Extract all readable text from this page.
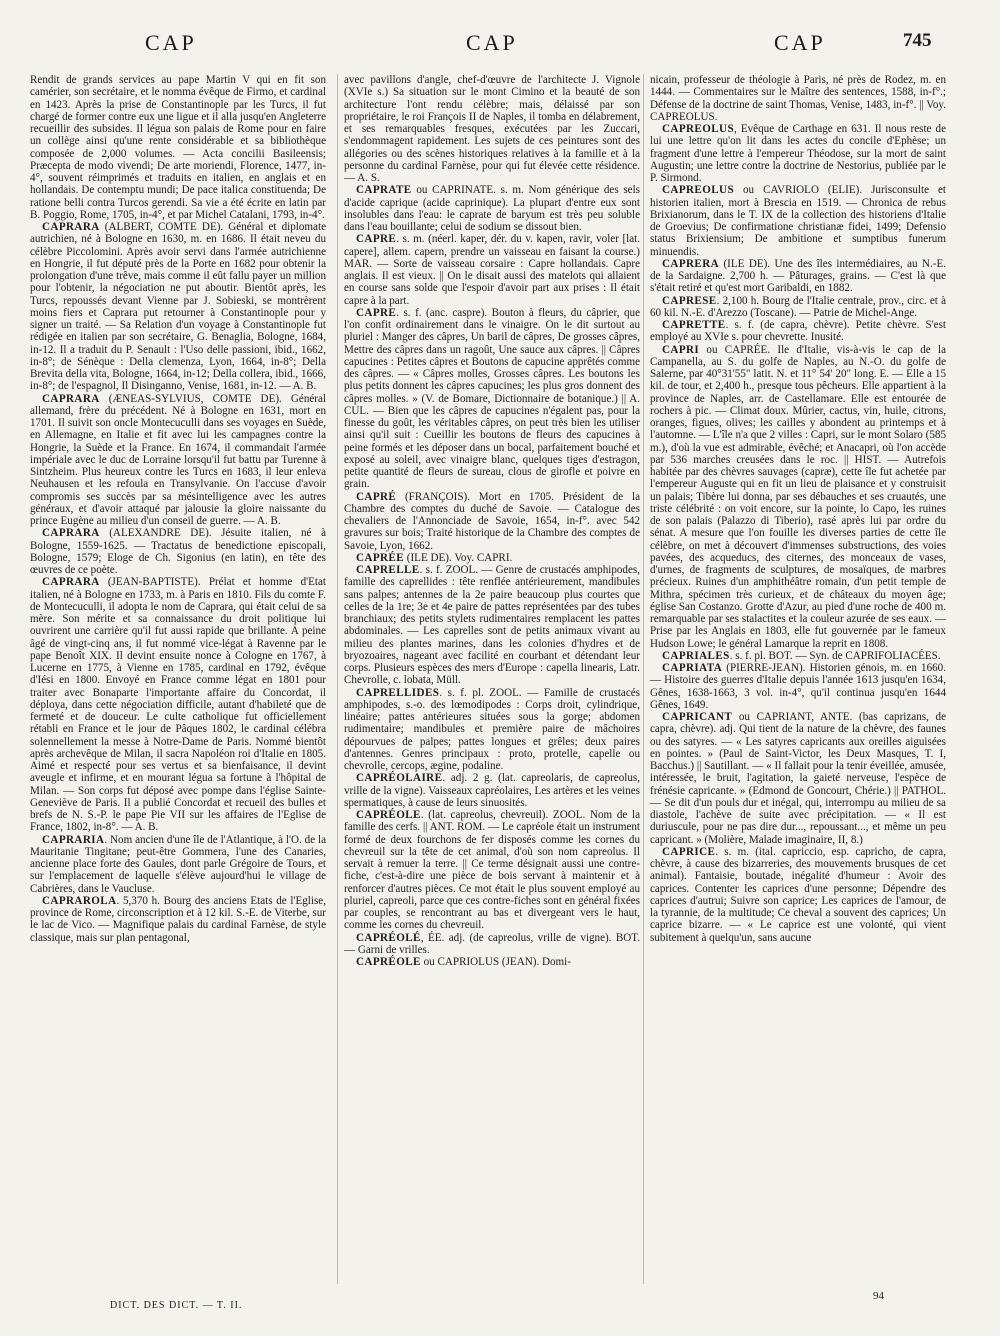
CAP	CAP	CAP	745

Rendit de grands services au pape Martin V qui en fit son camérier, son secrétaire, et le nomma évêque de Firmo, et cardinal en 1423. Après la prise de Constantinople par les Turcs, il fut chargé de former contre eux une ligue et il alla jusqu'en Angleterre recueillir des subsides. Il légua son palais de Rome pour en faire un collège ainsi qu'une rente considérable et sa bibliothèque composée de 2,000 volumes. — Acta concilii Basileensis; Præcepta de modo vivendi; De arte moriendi, Florence, 1477, in-4°, souvent réimprimés et traduits en italien, en anglais et en hollandais. De contemptu mundi; De pace italica constituenda; De ratione belli contra Turcos gerendi. Sa vie a été écrite en latin par B. Poggio, Rome, 1705, in-4°, et par Michel Catalani, 1793, in-4°.

CAPRARA (ALBERT, COMTE DE). Général et diplomate autrichien, né à Bologne en 1630, m. en 1686. Il était neveu du célèbre Piccolomini. Après avoir servi dans l'armée autrichienne en Hongrie, il fut député près de la Porte en 1682 pour obtenir la prolongation d'une trêve, mais comme il eût fallu payer un million pour l'obtenir, la négociation ne put aboutir. Bientôt après, les Turcs, repoussés devant Vienne par J. Sobieski, se montrèrent moins fiers et Caprara put retourner à Constantinople pour y signer un traité. — Sa Relation d'un voyage à Constantinople fut rédigée en italien par son secrétaire, G. Benaglia, Bologne, 1684, in-12. Il a traduit du P. Senault : l'Uso delle passioni, ibid., 1662, in-8°; de Sénèque : Della clemenza, Lyon, 1664, in-8°; Della Brevita della vita, Bologne, 1664, in-12; Della collera, ibid., 1666, in-8°; de l'espagnol, Il Disinganno, Venise, 1681, in-12. — A. B.

CAPRARA (ÆNEAS-SYLVIUS, COMTE DE). Général allemand, frère du précédent. Né à Bologne en 1631, mort en 1701. Il suivit son oncle Montecuculli dans ses voyages en Suède, en Allemagne, en Italie et fit avec lui les campagnes contre la Hongrie, la Suède et la France. En 1674, il commandait l'armée impériale avec le duc de Lorraine lorsqu'il fut battu par Turenne à Sintzheim. Plus heureux contre les Turcs en 1683, il leur enleva Neuhausen et les refoula en Transylvanie. On l'accuse d'avoir compromis ses succès par sa mésintelligence avec les autres généraux, et d'avoir attaqué par jalousie la gloire naissante du prince Eugène au milieu d'un conseil de guerre. — A. B.

CAPRARA (ALEXANDRE DE). Jésuite italien, né à Bologne, 1559-1625. — Tractatus de benedictione episcopali, Bologne, 1579; Eloge de Ch. Sigonius (en latin), en tête des œuvres de ce poète.

CAPRARA (JEAN-BAPTISTE). Prélat et homme d'Etat italien, né à Bologne en 1733, m. à Paris en 1810. Fils du comte F. de Montecuculli, il adopta le nom de Caprara, qui était celui de sa mère. Son mérite et sa connaissance du droit politique lui ouvrirent une carrière qu'il fut aussi rapide que brillante. A peine âgé de vingt-cinq ans, il fut nommé vice-légat à Ravenne par le pape Benoît XIX. Il devint ensuite nonce à Cologne en 1767, à Lucerne en 1775, à Vienne en 1785, cardinal en 1792, évêque d'Iési en 1800. Envoyé en France comme légat en 1801 pour traiter avec Bonaparte l'importante affaire du Concordat, il déploya, dans cette négociation difficile, autant d'habileté que de fermeté et de douceur. Le culte catholique fut officiellement rétabli en France et le jour de Pâques 1802, le cardinal célébra solennellement la messe à Notre-Dame de Paris. Nommé bientôt après archevêque de Milan, il sacra Napoléon roi d'Italie en 1805. Aimé et respecté pour ses vertus et sa bienfaisance, il devint aveugle et infirme, et en mourant légua sa fortune à l'hôpital de Milan. — Son corps fut déposé avec pompe dans l'église Sainte-Geneviève de Paris. Il a publié Concordat et recueil des bulles et brefs de N. S.-P. le pape Pie VII sur les affaires de l'Eglise de France, 1802, in-8°. — A. B.

CAPRARIA. Nom ancien d'une île de l'Atlantique, à l'O. de la Mauritanie Tingitane; peut-être Gommera, l'une des Canaries, ancienne place forte des Gaules, dont parle Grégoire de Tours, et sur l'emplacement de laquelle s'élève aujourd'hui le village de Cabrières, dans le Vaucluse.

CAPRAROLA. 5,370 h. Bourg des anciens Etats de l'Eglise, province de Rome, circonscription et à 12 kil. S.-E. de Viterbe, sur le lac de Vico. — Magnifique palais du cardinal Farnèse, de style classique, mais sur plan pentagonal,

avec pavillons d'angle, chef-d'œuvre de l'architecte J. Vignole (XVIe s.) Sa situation sur le mont Cimino et la beauté de son architecture l'ont rendu célèbre; mais, délaissé par son propriétaire, le roi François II de Naples, il tomba en délabrement, et ses remarquables fresques, exécutées par les Zuccari, s'endommagent rapidement. Les sujets de ces peintures sont des allégories ou des scènes historiques relatives à la famille et à la personne du cardinal Farnèse, pour qui fut élevée cette résidence. — A. S.

CAPRATE ou CAPRINATE. s. m. Nom générique des sels d'acide caprique (acide caprinique). La plupart d'entre eux sont insolubles dans l'eau: le caprate de baryum est très peu soluble dans l'eau bouillante; celui de sodium se dissout bien.

CAPRE. s. m. (néerl. kaper, dér. du v. kapen, ravir, voler [lat. capere], allem. capern, prendre un vaisseau en faisant la course.) MAR. — Sorte de vaisseau corsaire : Capre hollandais. Capre anglais. Il est vieux. || On le disait aussi des matelots qui allaient en course sans solde que l'espoir d'avoir part aux prises : Il était capre à la part.

CAPRE. s. f. (anc. caspre). Bouton à fleurs, du câprier, que l'on confit ordinairement dans le vinaigre. On le dit surtout au pluriel : Manger des câpres, Un baril de câpres, De grosses câpres, Mettre des câpres dans un ragoût, Une sauce aux câpres. || Câpres capucines : Petites câpres et Boutons de capucine apprêtés comme des câpres. — « Câpres molles, Grosses câpres. Les boutons les plus petits donnent les câpres capucines; les plus gros donnent des câpres molles. » (V. de Bomare, Dictionnaire de botanique.) || A. CUL. — Bien que les câpres de capucines n'égalent pas, pour la finesse du goût, les véritables câpres, on peut très bien les utiliser ainsi qu'il suit : Cueillir les boutons de fleurs des capucines à peine formés et les déposer dans un bocal, parfaitement bouché et exposé au soleil, avec vinaigre blanc, quelques tiges d'estragon, petite quantité de fleurs de sureau, clous de girofle et poivre en grain.

CAPRÉ (FRANÇOIS). Mort en 1705. Président de la Chambre des comptes du duché de Savoie. — Catalogue des chevaliers de l'Annonciade de Savoie, 1654, in-f°. avec 542 gravures sur bois; Traité historique de la Chambre des comptes de Savoie, Lyon, 1662.

CAPRÉE (ILE DE). Voy. CAPRI.

CAPRELLE. s. f. ZOOL. — Genre de crustacés amphipodes, famille des caprellides : tête renflée antérieurement, mandibules sans palpes; antennes de la 2e paire beaucoup plus courtes que celles de la 1re; 3e et 4e paire de pattes représentées par des tubes branchiaux; des petits stylets rudimentaires remplacent les pattes abdominales. — Les caprelles sont de petits animaux vivant au milieu des plantes marines, dans les colonies d'hydres et de bryozoaires, nageant avec facilité en courbant et détendant leur corps. Plusieurs espèces des mers d'Europe : capella linearis, Latr. Chevrolle, c. lobata, Müll.

CAPRELLIDES. s. f. pl. ZOOL. — Famille de crustacés amphipodes, s.-o. des lœmodipodes : Corps droit, cylindrique, linéaire; pattes antérieures situées sous la gorge; abdomen rudimentaire; mandibules et première paire de mâchoires dépourvues de palpes; pattes longues et grêles; deux paires d'antennes. Genres principaux : proto, protelle, capelle ou chevrolle, cercops, ægine, podaline.

CAPRÉOLAIRE. adj. 2 g. (lat. capreolaris, de capreolus, vrille de la vigne). Vaisseaux capréolaires, Les artères et les veines spermatiques, à cause de leurs sinuosités.

CAPRÉOLE. (lat. capreolus, chevreuil). ZOOL. Nom de la famille des cerfs. || ANT. ROM. — Le capréole était un instrument formé de deux fourchons de fer disposés comme les cornes du chevreuil sur la tête de cet animal, d'où son nom capreolus. Il servait à remuer la terre. || Ce terme désignait aussi une contre-fiche, c'est-à-dire une pièce de bois servant à maintenir et à renforcer d'autres pièces. Ce mot était le plus souvent employé au pluriel, capreoli, parce que ces contre-fiches sont en général fixées par couples, se rencontrant au bas et divergeant vers le haut, comme les cornes du chevreuil.

CAPRÉOLÉ, ÉE. adj. (de capreolus, vrille de vigne). BOT. — Garni de vrilles.

CAPRÉOLE ou CAPRIOLUS (JEAN). Domi-

nicain, professeur de théologie à Paris, né près de Rodez, m. en 1444. — Commentaires sur le Maître des sentences, 1588, in-f°.; Défense de la doctrine de saint Thomas, Venise, 1483, in-f°. || Voy. CAPREOLUS.

CAPREOLUS, Evêque de Carthage en 631. Il nous reste de lui une lettre qu'on lit dans les actes du concile d'Ephèse; un fragment d'une lettre à l'empereur Théodose, sur la mort de saint Augustin; une lettre contre la doctrine de Nestorius, publiée par le P. Sirmond.

CAPREOLUS ou CAVRIOLO (ELIE). Jurisconsulte et historien italien, mort à Brescia en 1519. — Chronica de rebus Brixianorum, dans le T. IX de la collection des historiens d'Italie de Groevius; De confirmatione christianæ fidei, 1499; Defensio status Brixiensium; De ambitione et sumptibus funerum minuendis.

CAPRERA (ILE DE). Une des îles intermédiaires, au N.-E. de la Sardaigne. 2,700 h. — Pâturages, grains. — C'est là que s'était retiré et qu'est mort Garibaldi, en 1882.

CAPRESE. 2,100 h. Bourg de l'Italie centrale, prov., circ. et à 60 kil. N.-E. d'Arezzo (Toscane). — Patrie de Michel-Ange.

CAPRETTE. s. f. (de capra, chèvre). Petite chèvre. S'est employé au XVIe s. pour chevrette. Inusité.

CAPRI ou CAPRÉE. Ile d'Italie, vis-à-vis le cap de la Campanella, au S. du golfe de Naples, au N.-O. du golfe de Salerne, par 40°31'55" latit. N. et 11° 54' 20" long. E. — Elle a 15 kil. de tour, et 2,400 h., presque tous pêcheurs. Elle appartient à la province de Naples, arr. de Castellamare. Elle est entourée de rochers à pic. — Climat doux. Mûrier, cactus, vin, huile, citrons, oranges, figues, olives; les cailles y abondent au printemps et à l'automne. — L'île n'a que 2 villes : Capri, sur le mont Solaro (585 m.), d'où la vue est admirable, évêché; et Anacapri, où l'on accède par 536 marches creusées dans le roc. || HIST. — Autrefois habitée par des chèvres sauvages (capræ), cette île fut achetée par l'empereur Auguste qui en fit un lieu de plaisance et y construisit un palais; Tibère lui donna, par ses débauches et ses cruautés, une triste célébrité : on voit encore, sur la pointe, lo Capo, les ruines de son palais (Palazzo di Tiberio), rasé après lui par ordre du sénat. A mesure que l'on fouille les diverses parties de cette île célèbre, on met à découvert d'immenses substructions, des voies pavées, des acqueducs, des citernes, des monceaux de vases, d'urnes, de fragments de sculptures, de mosaïques, de marbres précieux. Ruines d'un amphithéâtre romain, d'un petit temple de Mithra, spécimen très curieux, et de châteaux du moyen âge; église San Costanzo. Grotte d'Azur, au pied d'une roche de 400 m. remarquable par ses stalactites et la couleur azurée de ses eaux. — Prise par les Anglais en 1803, elle fut gouvernée par le fameux Hudson Lowe; le général Lamarque la reprit en 1808.

CAPRIALES. s. f. pl. BOT. — Syn. de CAPRIFOLIACÉES.

CAPRIATA (PIERRE-JEAN). Historien génois, m. en 1660. — Histoire des guerres d'Italie depuis l'année 1613 jusqu'en 1634, Gênes, 1638-1663, 3 vol. in-4°, qu'il continua jusqu'en 1644 Gênes, 1649.

CAPRICANT ou CAPRIANT, ANTE. (bas caprizans, de capra, chèvre). adj. Qui tient de la nature de la chèvre, des faunes ou des satyres. — « Les satyres capricants aux oreilles aiguisées en pointes. » (Paul de Saint-Victor, les Deux Masques, T. I, Bacchus.) || Sautillant. — « Il fallait pour la tenir éveillée, amusée, intéressée, le bruit, l'agitation, la gaieté nerveuse, l'espèce de frénésie capricante. » (Edmond de Goncourt, Chérie.) || PATHOL. — Se dit d'un pouls dur et inégal, qui, interrompu au milieu de sa diastole, l'achève de suite avec précipitation. — « Il est duriuscule, pour ne pas dire dur..., repoussant..., et même un peu capricant. » (Molière, Malade imaginaire, II, 8.)

CAPRICE. s. m. (ital. capriccio, esp. capricho, de capra, chèvre, à cause des bizarreries, des mouvements brusques de cet animal). Fantaisie, boutade, inégalité d'humeur : Avoir des caprices. Contenter les caprices d'une personne; Dépendre des caprices d'autrui; Suivre son caprice; Les caprices de l'amour, de la tyrannie, de la multitude; Ce cheval a souvent des caprices; Un caprice bizarre. — « Le caprice est une volonté, qui vient subitement à quelqu'un, sans aucune

DICT. DES DICT. — T. II.
94
